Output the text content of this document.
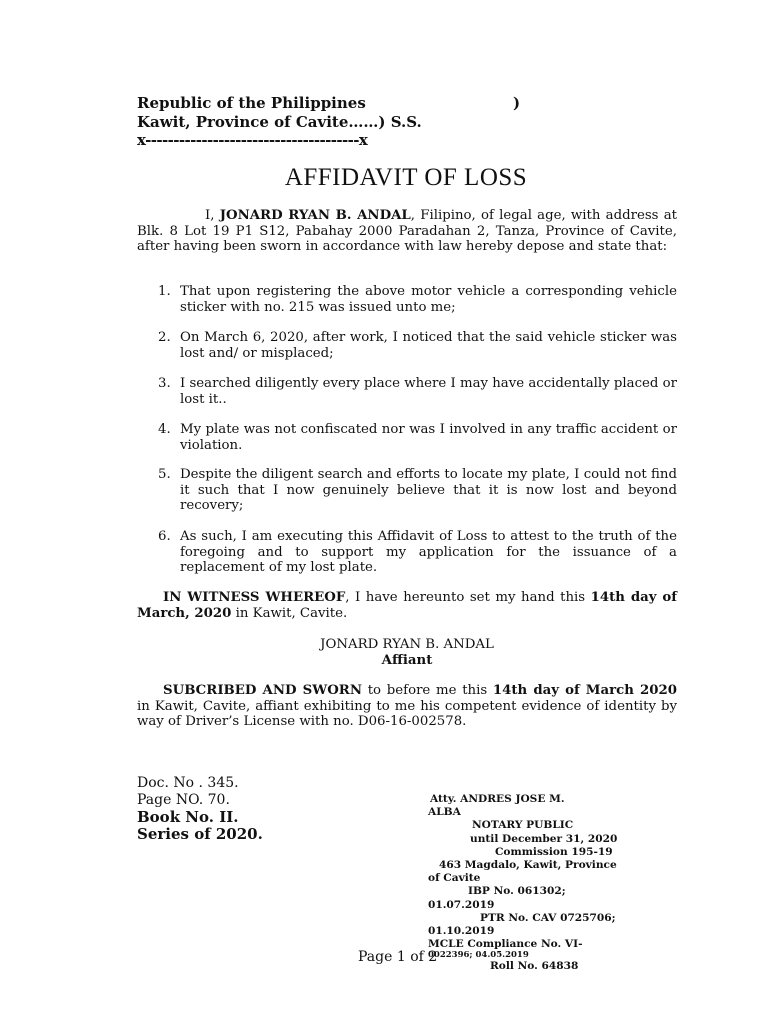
Republic of the Philippines	)
Kawit, Province of Cavite……) S.S.
x--------------------------------------x
AFFIDAVIT OF LOSS
I, JONARD RYAN B. ANDAL, Filipino, of legal age, with address at Blk. 8 Lot 19 P1 S12, Pabahay 2000 Paradahan 2, Tanza, Province of Cavite, after having been sworn in accordance with law hereby depose and state that:
1. That upon registering the above motor vehicle a corresponding vehicle sticker with no. 215 was issued unto me;
2. On March 6, 2020, after work, I noticed that the said vehicle sticker was lost and/ or misplaced;
3. I searched diligently every place where I may have accidentally placed or lost it..
4. My plate was not confiscated nor was I involved in any traffic accident or violation.
5. Despite the diligent search and efforts to locate my plate, I could not find it such that I now genuinely believe that it is now lost and beyond recovery;
6. As such, I am executing this Affidavit of Loss to attest to the truth of the foregoing and to support my application for the issuance of a replacement of my lost plate.
IN WITNESS WHEREOF, I have hereunto set my hand this 14th day of March, 2020 in Kawit, Cavite.
JONARD RYAN B. ANDAL
Affiant
SUBCRIBED AND SWORN to before me this 14th day of March 2020 in Kawit, Cavite, affiant exhibiting to me his competent evidence of identity by way of Driver’s License with no. D06-16-002578.
Doc. No . 345.
Page NO. 70.
Book No. II.
Series of 2020.
Atty. ANDRES JOSE M.
ALBA
NOTARY PUBLIC
until December 31, 2020
Commission 195-19
463 Magdalo, Kawit, Province
of Cavite
IBP No. 061302;
01.07.2019
PTR No. CAV 0725706;
01.10.2019
MCLE Compliance No. VI-
0022396; 04.05.2019
Roll No. 64838
Page 1 of 2
